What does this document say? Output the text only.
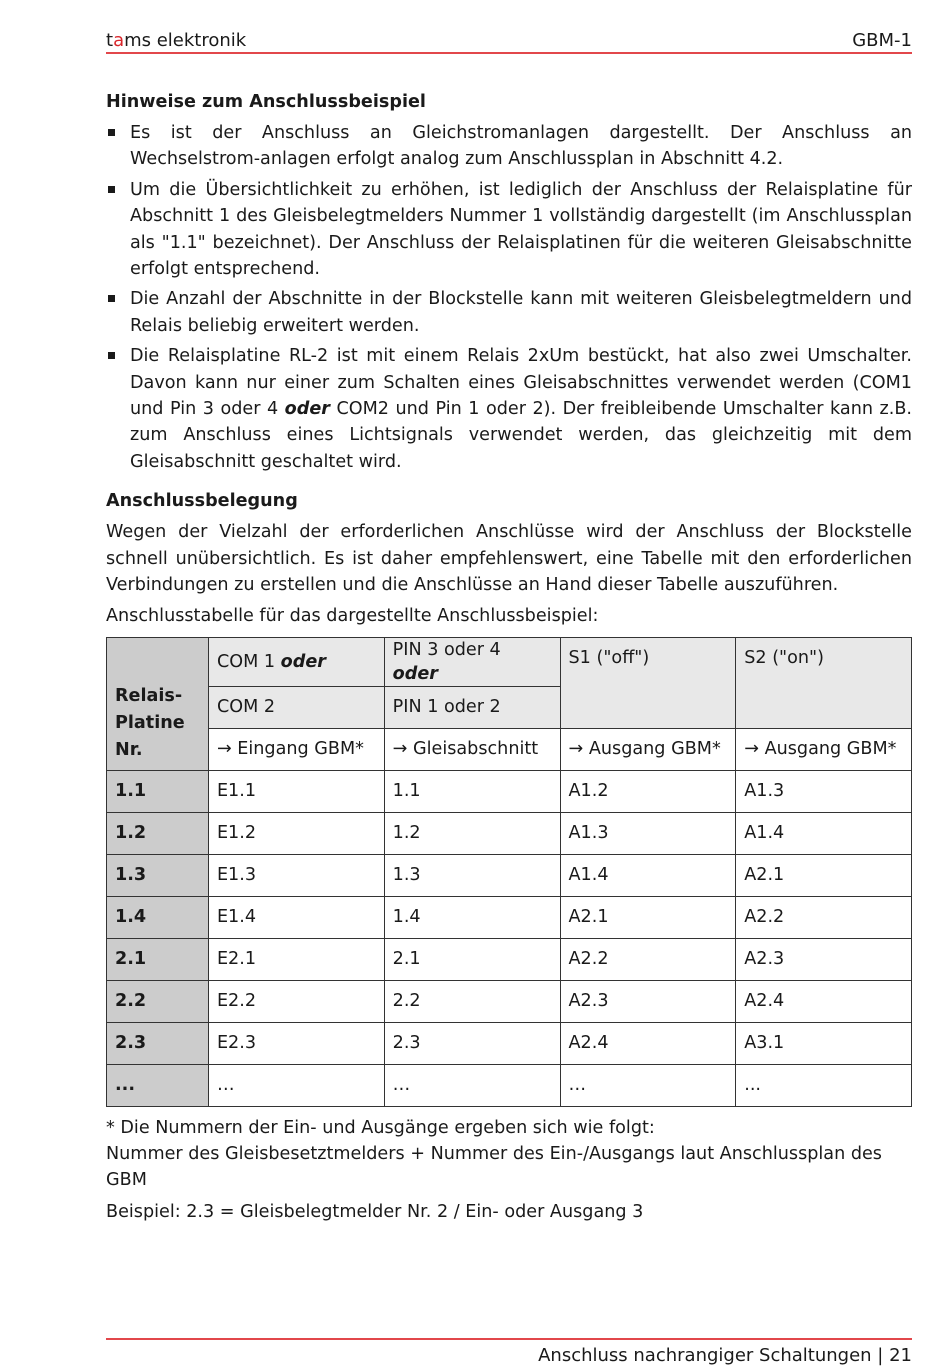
tams elektronik	GBM-1
Hinweise zum Anschlussbeispiel
Es ist der Anschluss an Gleichstromanlagen dargestellt. Der Anschluss an Wechselstrom-anlagen erfolgt analog zum Anschlussplan in Abschnitt 4.2.
Um die Übersichtlichkeit zu erhöhen, ist lediglich der Anschluss der Relaisplatine für Abschnitt 1 des Gleisbelegtmelders Nummer 1 vollständig dargestellt (im Anschlussplan als "1.1" bezeichnet). Der Anschluss der Relaisplatinen für die weiteren Gleisabschnitte erfolgt entsprechend.
Die Anzahl der Abschnitte in der Blockstelle kann mit weiteren Gleisbelegtmeldern und Relais beliebig erweitert werden.
Die Relaisplatine RL-2 ist mit einem Relais 2xUm bestückt, hat also zwei Umschalter. Davon kann nur einer zum Schalten eines Gleisabschnittes verwendet werden (COM1 und Pin 3 oder 4 oder COM2 und Pin 1 oder 2). Der freibleibende Umschalter kann z.B. zum Anschluss eines Lichtsignals verwendet werden, das gleichzeitig mit dem Gleisabschnitt geschaltet wird.
Anschlussbelegung

Wegen der Vielzahl der erforderlichen Anschlüsse wird der Anschluss der Blockstelle schnell unübersichtlich. Es ist daher empfehlenswert, eine Tabelle mit den erforderlichen Verbindungen zu erstellen und die Anschlüsse an Hand dieser Tabelle auszuführen.

Anschlusstabelle für das dargestellte Anschlussbeispiel:

Relais-
Platine
Nr.	COM 1 oder	PIN 3 oder 4 oder	S1 ("off")	S2 ("on")
	COM 2	PIN 1 oder 2		
	→ Eingang GBM*	→ Gleisabschnitt	→ Ausgang GBM*	→ Ausgang GBM*
1.1	E1.1	1.1	A1.2	A1.3
1.2	E1.2	1.2	A1.3	A1.4
1.3	E1.3	1.3	A1.4	A2.1
1.4	E1.4	1.4	A2.1	A2.2
2.1	E2.1	2.1	A2.2	A2.3
2.2	E2.2	2.2	A2.3	A2.4
2.3	E2.3	2.3	A2.4	A3.1
...	…	…	…	...
* Die Nummern der Ein- und Ausgänge ergeben sich wie folgt:
Nummer des Gleisbesetztmelders + Nummer des Ein-/Ausgangs laut Anschlussplan des GBM
Beispiel: 2.3 = Gleisbelegtmelder Nr. 2 / Ein- oder Ausgang 3
Anschluss nachrangiger Schaltungen | 21
